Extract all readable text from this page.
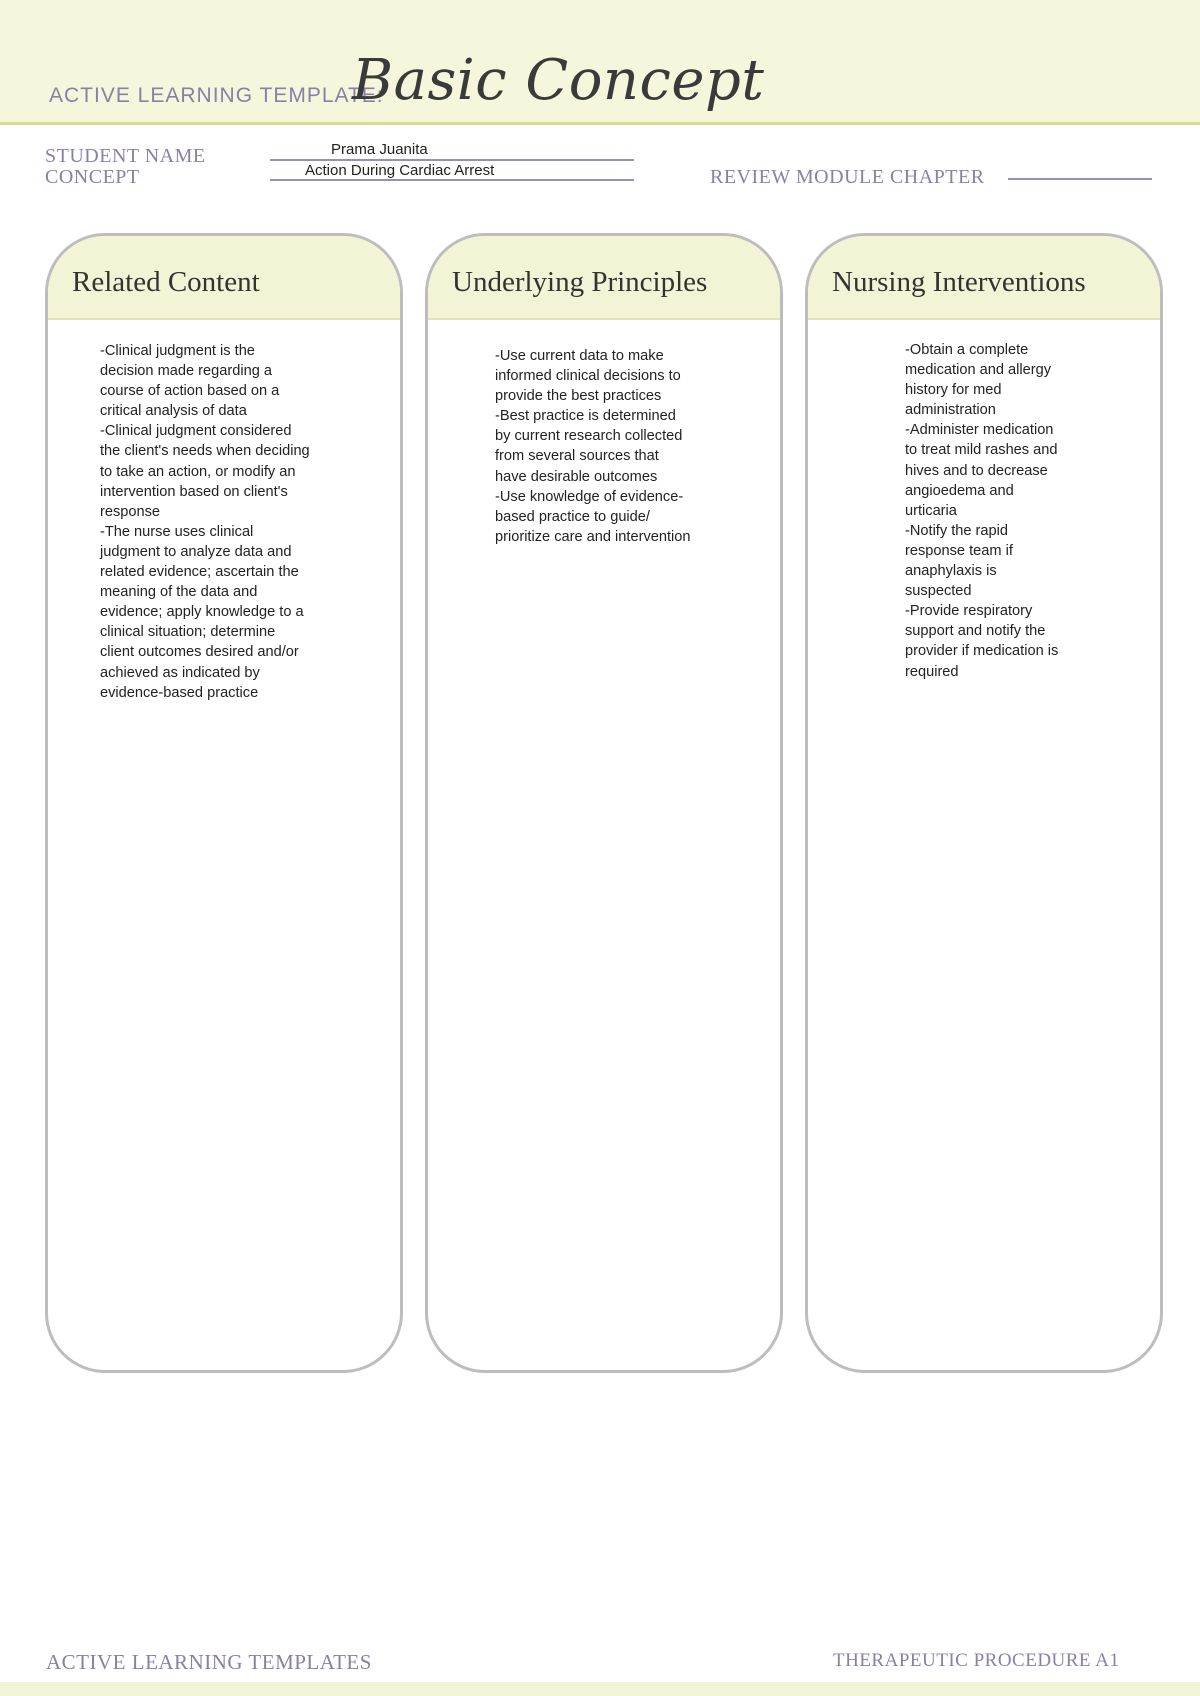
ACTIVE LEARNING TEMPLATE:
Basic Concept
STUDENT NAME	Prama Juanita
CONCEPT	Action During Cardiac Arrest	REVIEW MODULE CHAPTER
Related Content
-Clinical judgment is the
decision made regarding a
course of action based on a
critical analysis of data
-Clinical judgment considered
the client's needs when deciding
to take an action, or modify an
intervention based on client's
response
-The nurse uses clinical
judgment to analyze data and
related evidence; ascertain the
meaning of the data and
evidence; apply knowledge to a
clinical situation; determine
client outcomes desired and/or
achieved as indicated by
evidence-based practice
Underlying Principles
-Use current data to make
informed clinical decisions to
provide the best practices
-Best practice is determined
by current research collected
from several sources that
have desirable outcomes
-Use knowledge of evidence-
based practice to guide/
prioritize care and intervention
Nursing Interventions
-Obtain a complete
medication and allergy
history for med
administration
-Administer medication
to treat mild rashes and
hives and to decrease
angioedema and
urticaria
-Notify the rapid
response team if
anaphylaxis is
suspected
-Provide respiratory
support and notify the
provider if medication is
required
ACTIVE LEARNING TEMPLATES	THERAPEUTIC PROCEDURE A1
